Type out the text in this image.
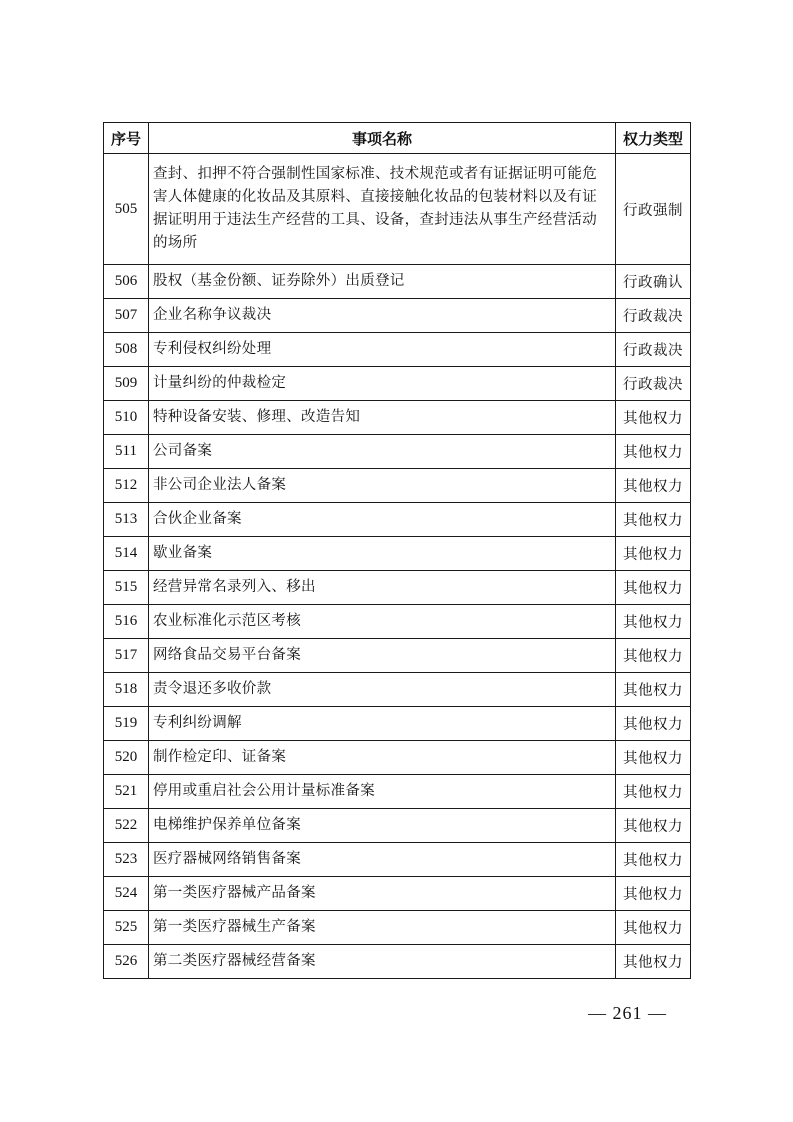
序号	事项名称	权力类型
505	查封、扣押不符合强制性国家标准、技术规范或者有证据证明可能危害人体健康的化妆品及其原料、直接接触化妆品的包装材料以及有证据证明用于违法生产经营的工具、设备，查封违法从事生产经营活动的场所	行政强制
506	股权（基金份额、证券除外）出质登记	行政确认
507	企业名称争议裁决	行政裁决
508	专利侵权纠纷处理	行政裁决
509	计量纠纷的仲裁检定	行政裁决
510	特种设备安装、修理、改造告知	其他权力
511	公司备案	其他权力
512	非公司企业法人备案	其他权力
513	合伙企业备案	其他权力
514	歇业备案	其他权力
515	经营异常名录列入、移出	其他权力
516	农业标准化示范区考核	其他权力
517	网络食品交易平台备案	其他权力
518	责令退还多收价款	其他权力
519	专利纠纷调解	其他权力
520	制作检定印、证备案	其他权力
521	停用或重启社会公用计量标准备案	其他权力
522	电梯维护保养单位备案	其他权力
523	医疗器械网络销售备案	其他权力
524	第一类医疗器械产品备案	其他权力
525	第一类医疗器械生产备案	其他权力
526	第二类医疗器械经营备案	其他权力
— 261 —
